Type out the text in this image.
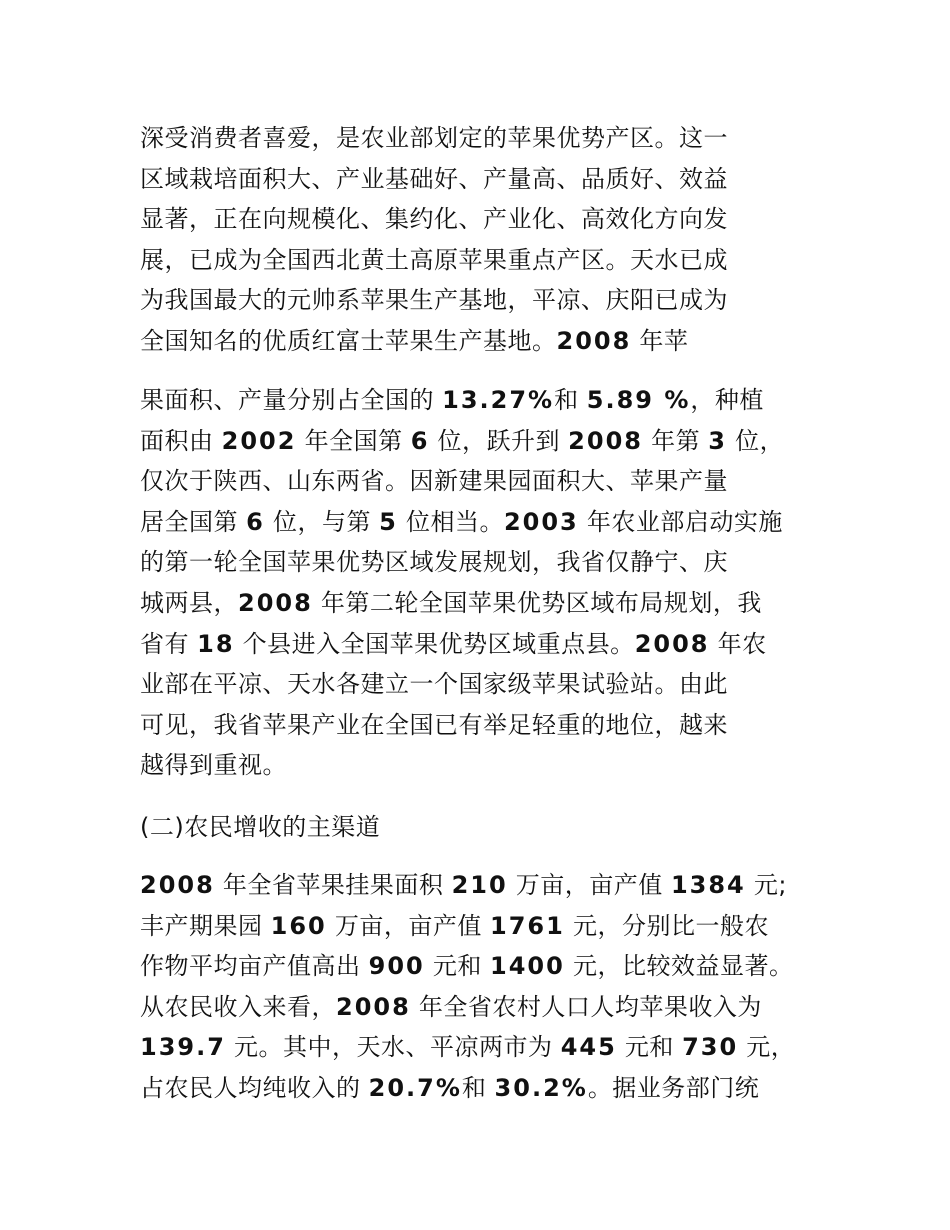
深受消费者喜爱，是农业部划定的苹果优势产区。这一
区域栽培面积大、产业基础好、产量高、品质好、效益
显著，正在向规模化、集约化、产业化、高效化方向发
展，已成为全国西北黄土高原苹果重点产区。天水已成
为我国最大的元帅系苹果生产基地，平凉、庆阳已成为
全国知名的优质红富士苹果生产基地。2008 年苹
果面积、产量分别占全国的 13.27%和 5.89 %，种植
面积由 2002 年全国第 6 位，跃升到 2008 年第 3 位，
仅次于陕西、山东两省。因新建果园面积大、苹果产量
居全国第 6 位，与第 5 位相当。2003 年农业部启动实施
的第一轮全国苹果优势区域发展规划，我省仅静宁、庆
城两县，2008 年第二轮全国苹果优势区域布局规划，我
省有 18 个县进入全国苹果优势区域重点县。2008 年农
业部在平凉、天水各建立一个国家级苹果试验站。由此
可见，我省苹果产业在全国已有举足轻重的地位，越来
越得到重视。
(二)农民增收的主渠道
2008 年全省苹果挂果面积 210 万亩，亩产值 1384 元;
丰产期果园 160 万亩，亩产值 1761 元，分别比一般农
作物平均亩产值高出 900 元和 1400 元，比较效益显著。
从农民收入来看，2008 年全省农村人口人均苹果收入为
139.7 元。其中，天水、平凉两市为 445 元和 730 元，
占农民人均纯收入的 20.7%和 30.2%。据业务部门统
